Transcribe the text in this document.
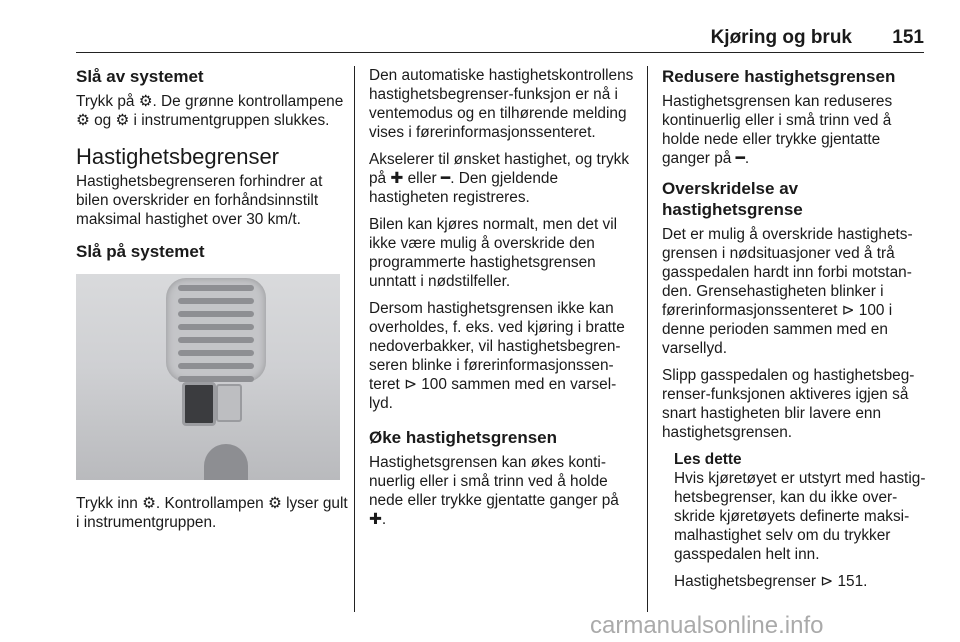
Kjøring og bruk 151
Slå av systemet

Trykk på ⚙. De grønne kontrollampene ⚙ og ⚙ i instrumentgruppen slukkes.

Hastighetsbegrenser

Hastighetsbegrenseren forhindrer at bilen overskrider en forhåndsinnstilt maksimal hastighet over 30 km/t.

Slå på systemet

Trykk inn ⚙. Kontrollampen ⚙ lyser gult i instrumentgruppen.

Den automatiske hastighetskontrollens hastighetsbegrenser-funksjon er nå i ventemodus og en tilhørende melding vises i førerinformasjonssenteret.

Akselerer til ønsket hastighet, og trykk på ✚ eller ━. Den gjeldende hastigheten registreres.

Bilen kan kjøres normalt, men det vil ikke være mulig å overskride den programmerte hastighetsgrensen unntatt i nødstilfeller.

Dersom hastighetsgrensen ikke kan overholdes, f. eks. ved kjøring i bratte nedoverbakker, vil hastighetsbegrenseren blinke i førerinformasjonssenteret ⊳ 100 sammen med en varsellyd.

Øke hastighetsgrensen

Hastighetsgrensen kan økes kontinuerlig eller i små trinn ved å holde nede eller trykke gjentatte ganger på ✚.

Redusere hastighetsgrensen

Hastighetsgrensen kan reduseres kontinuerlig eller i små trinn ved å holde nede eller trykke gjentatte ganger på ━.

Overskridelse av hastighetsgrense

Det er mulig å overskride hastighetsgrensen i nødsituasjoner ved å trå gasspedalen hardt inn forbi motstanden. Grensehastigheten blinker i førerinformasjonssenteret ⊳ 100 i denne perioden sammen med en varsellyd.

Slipp gasspedalen og hastighetsbegrenser-funksjonen aktiveres igjen så snart hastigheten blir lavere enn hastighetsgrensen.

Les dette

Hvis kjøretøyet er utstyrt med hastighetsbegrenser, kan du ikke overskride kjøretøyets definerte maksimalhastighet selv om du trykker gasspedalen helt inn.

Hastighetsbegrenser ⊳ 151.

carmanualsonline.info
